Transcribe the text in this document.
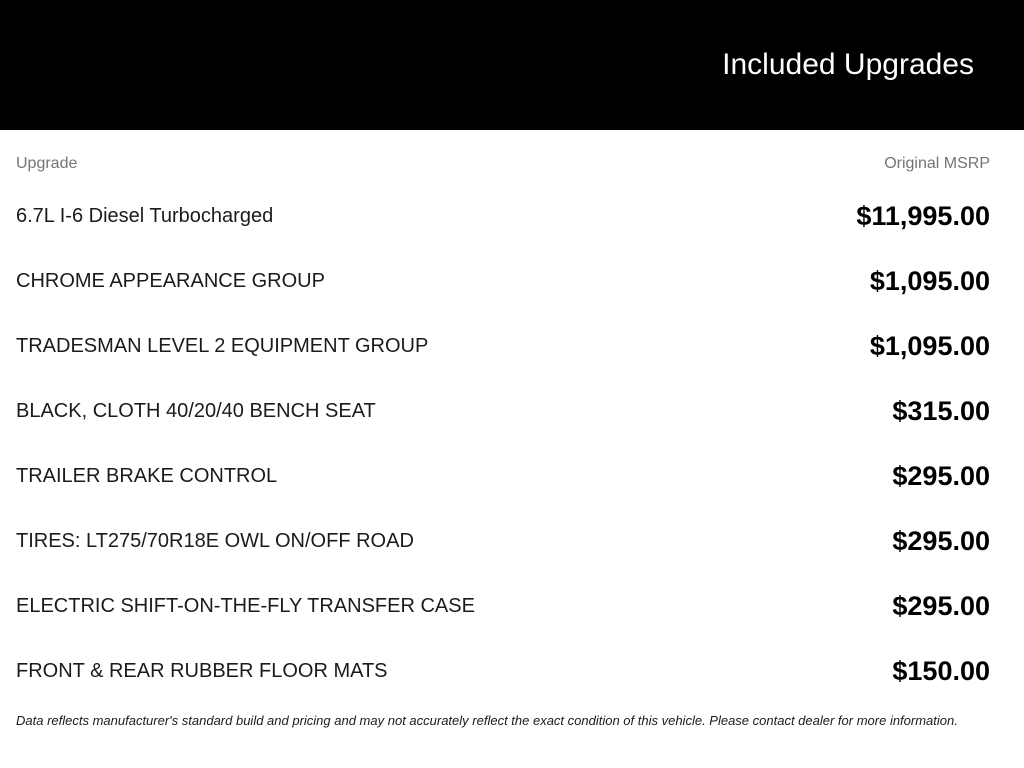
Included Upgrades
Upgrade	Original MSRP
6.7L I-6 Diesel Turbocharged	$11,995.00
CHROME APPEARANCE GROUP	$1,095.00
TRADESMAN LEVEL 2 EQUIPMENT GROUP	$1,095.00
BLACK, CLOTH 40/20/40 BENCH SEAT	$315.00
TRAILER BRAKE CONTROL	$295.00
TIRES: LT275/70R18E OWL ON/OFF ROAD	$295.00
ELECTRIC SHIFT-ON-THE-FLY TRANSFER CASE	$295.00
FRONT & REAR RUBBER FLOOR MATS	$150.00
Data reflects manufacturer's standard build and pricing and may not accurately reflect the exact condition of this vehicle. Please contact dealer for more information.
